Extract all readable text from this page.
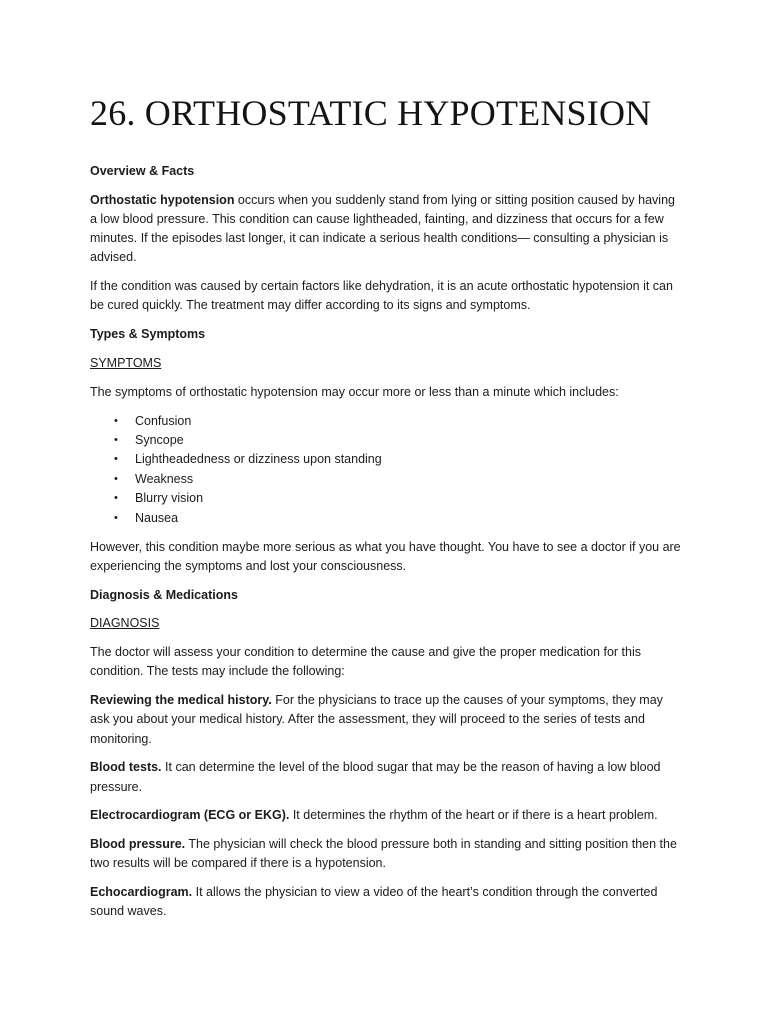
26. ORTHOSTATIC HYPOTENSION

Overview & Facts

Orthostatic hypotension occurs when you suddenly stand from lying or sitting position caused by having a low blood pressure. This condition can cause lightheaded, fainting, and dizziness that occurs for a few minutes. If the episodes last longer, it can indicate a serious health conditions— consulting a physician is advised.

If the condition was caused by certain factors like dehydration, it is an acute orthostatic hypotension it can be cured quickly. The treatment may differ according to its signs and symptoms.

Types & Symptoms

SYMPTOMS

The symptoms of orthostatic hypotension may occur more or less than a minute which includes:

• Confusion
• Syncope
• Lightheadedness or dizziness upon standing
• Weakness
• Blurry vision
• Nausea

However, this condition maybe more serious as what you have thought. You have to see a doctor if you are experiencing the symptoms and lost your consciousness.

Diagnosis & Medications

DIAGNOSIS

The doctor will assess your condition to determine the cause and give the proper medication for this condition. The tests may include the following:

Reviewing the medical history. For the physicians to trace up the causes of your symptoms, they may ask you about your medical history. After the assessment, they will proceed to the series of tests and monitoring.

Blood tests. It can determine the level of the blood sugar that may be the reason of having a low blood pressure.

Electrocardiogram (ECG or EKG). It determines the rhythm of the heart or if there is a heart problem.

Blood pressure. The physician will check the blood pressure both in standing and sitting position then the two results will be compared if there is a hypotension.

Echocardiogram. It allows the physician to view a video of the heart’s condition through the converted sound waves.
